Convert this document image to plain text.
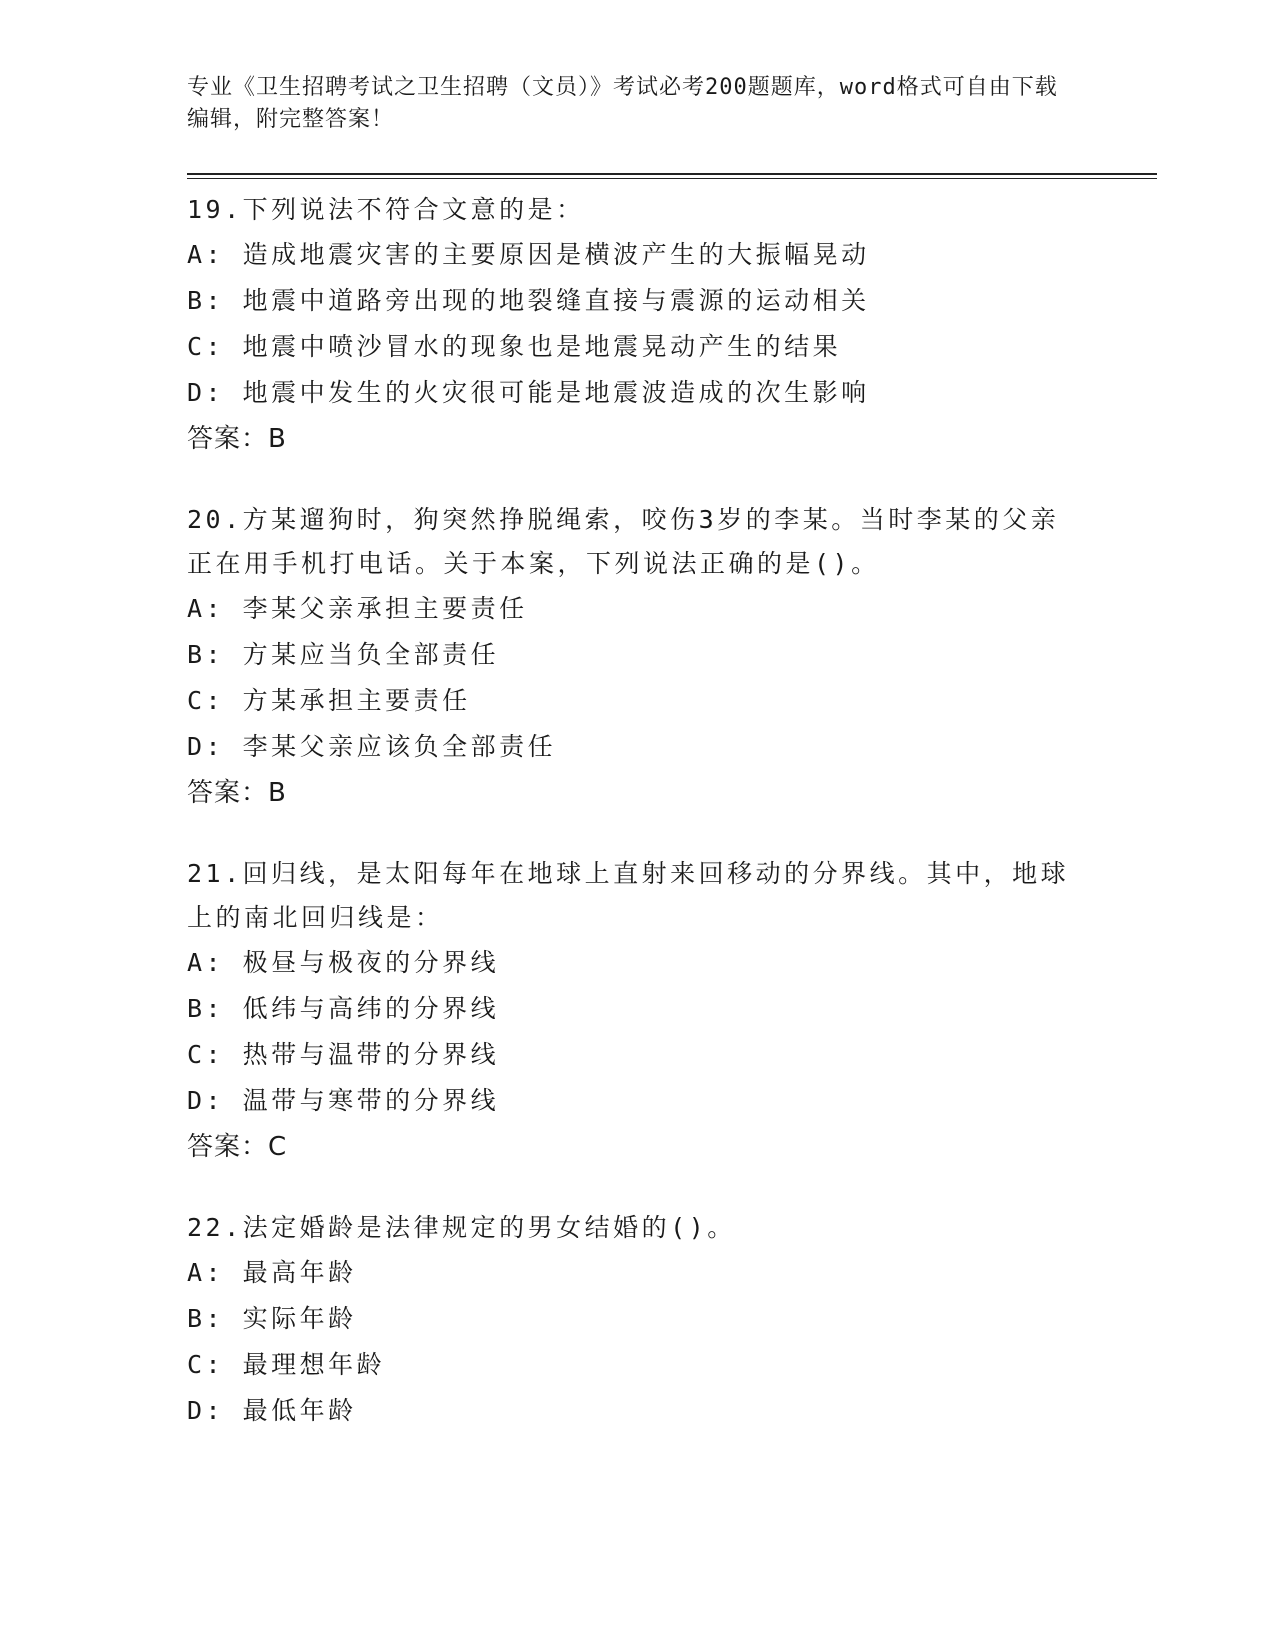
专业《卫生招聘考试之卫生招聘（文员）》考试必考200题题库，word格式可自由下载编辑，附完整答案！

19.下列说法不符合文意的是：

A: 造成地震灾害的主要原因是横波产生的大振幅晃动

B: 地震中道路旁出现的地裂缝直接与震源的运动相关

C: 地震中喷沙冒水的现象也是地震晃动产生的结果

D: 地震中发生的火灾很可能是地震波造成的次生影响

答案：B

20.方某遛狗时，狗突然挣脱绳索，咬伤3岁的李某。当时李某的父亲正在用手机打电话。关于本案，下列说法正确的是()。

A: 李某父亲承担主要责任

B: 方某应当负全部责任

C: 方某承担主要责任

D: 李某父亲应该负全部责任

答案：B

21.回归线，是太阳每年在地球上直射来回移动的分界线。其中，地球上的南北回归线是：

A: 极昼与极夜的分界线

B: 低纬与高纬的分界线

C: 热带与温带的分界线

D: 温带与寒带的分界线

答案：C

22.法定婚龄是法律规定的男女结婚的()。

A: 最高年龄

B: 实际年龄

C: 最理想年龄

D: 最低年龄
